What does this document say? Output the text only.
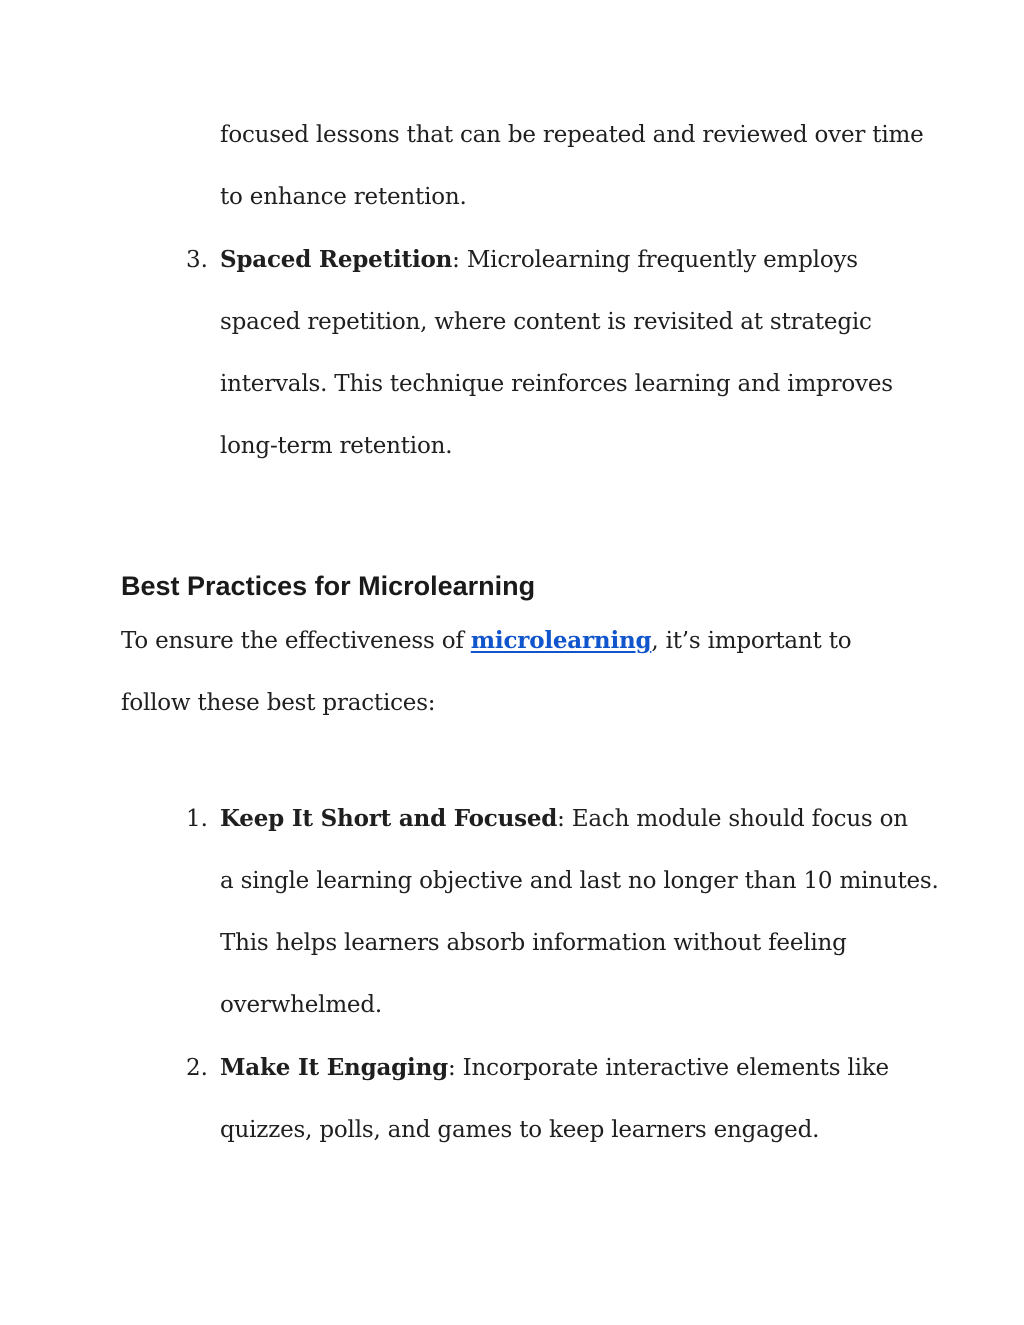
focused lessons that can be repeated and reviewed over time
to enhance retention.
3. Spaced Repetition: Microlearning frequently employs
spaced repetition, where content is revisited at strategic
intervals. This technique reinforces learning and improves
long-term retention.
Best Practices for Microlearning
To ensure the effectiveness of microlearning, it’s important to
follow these best practices:
1. Keep It Short and Focused: Each module should focus on
a single learning objective and last no longer than 10 minutes.
This helps learners absorb information without feeling
overwhelmed.
2. Make It Engaging: Incorporate interactive elements like
quizzes, polls, and games to keep learners engaged.
